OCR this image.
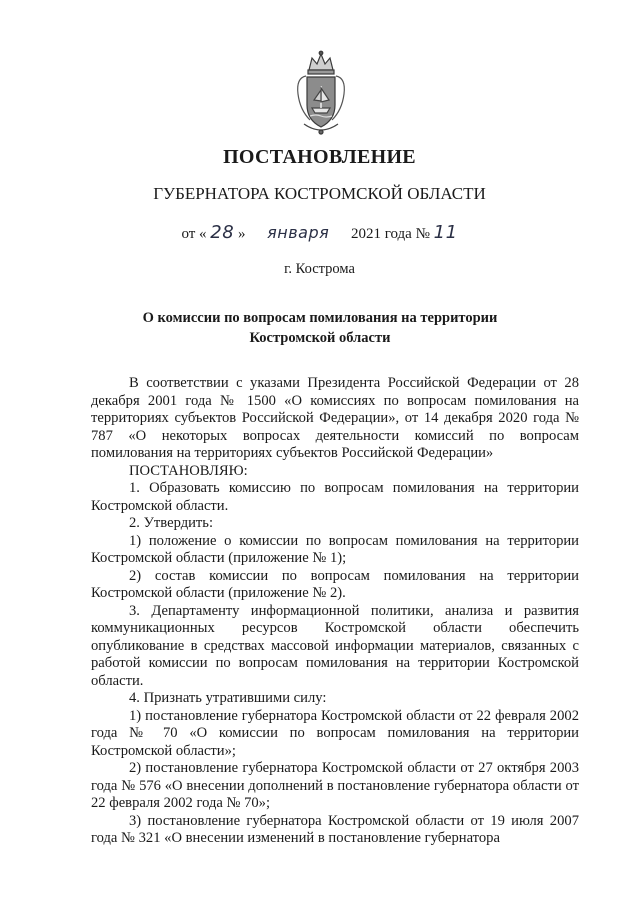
ПОСТАНОВЛЕНИЕ
ГУБЕРНАТОРА КОСТРОМСКОЙ ОБЛАСТИ
от « 28 » января 2021 года № 11
г. Кострома
О комиссии по вопросам помилования на территории
Костромской области

В соответствии с указами Президента Российской Федерации от 28 декабря 2001 года № 1500 «О комиссиях по вопросам помилования на территориях субъектов Российской Федерации», от 14 декабря 2020 года № 787 «О некоторых вопросах деятельности комиссий по вопросам помилования на территориях субъектов Российской Федерации»

ПОСТАНОВЛЯЮ:

1. Образовать комиссию по вопросам помилования на территории Костромской области.

2. Утвердить:

1) положение о комиссии по вопросам помилования на территории Костромской области (приложение № 1);

2) состав комиссии по вопросам помилования на территории Костромской области (приложение № 2).

3. Департаменту информационной политики, анализа и развития коммуникационных ресурсов Костромской области обеспечить опубликование в средствах массовой информации материалов, связанных с работой комиссии по вопросам помилования на территории Костромской области.

4. Признать утратившими силу:

1) постановление губернатора Костромской области от 22 февраля 2002 года № 70 «О комиссии по вопросам помилования на территории Костромской области»;

2) постановление губернатора Костромской области от 27 октября 2003 года № 576 «О внесении дополнений в постановление губернатора области от 22 февраля 2002 года № 70»;

3) постановление губернатора Костромской области от 19 июля 2007 года № 321 «О внесении изменений в постановление губернатора
